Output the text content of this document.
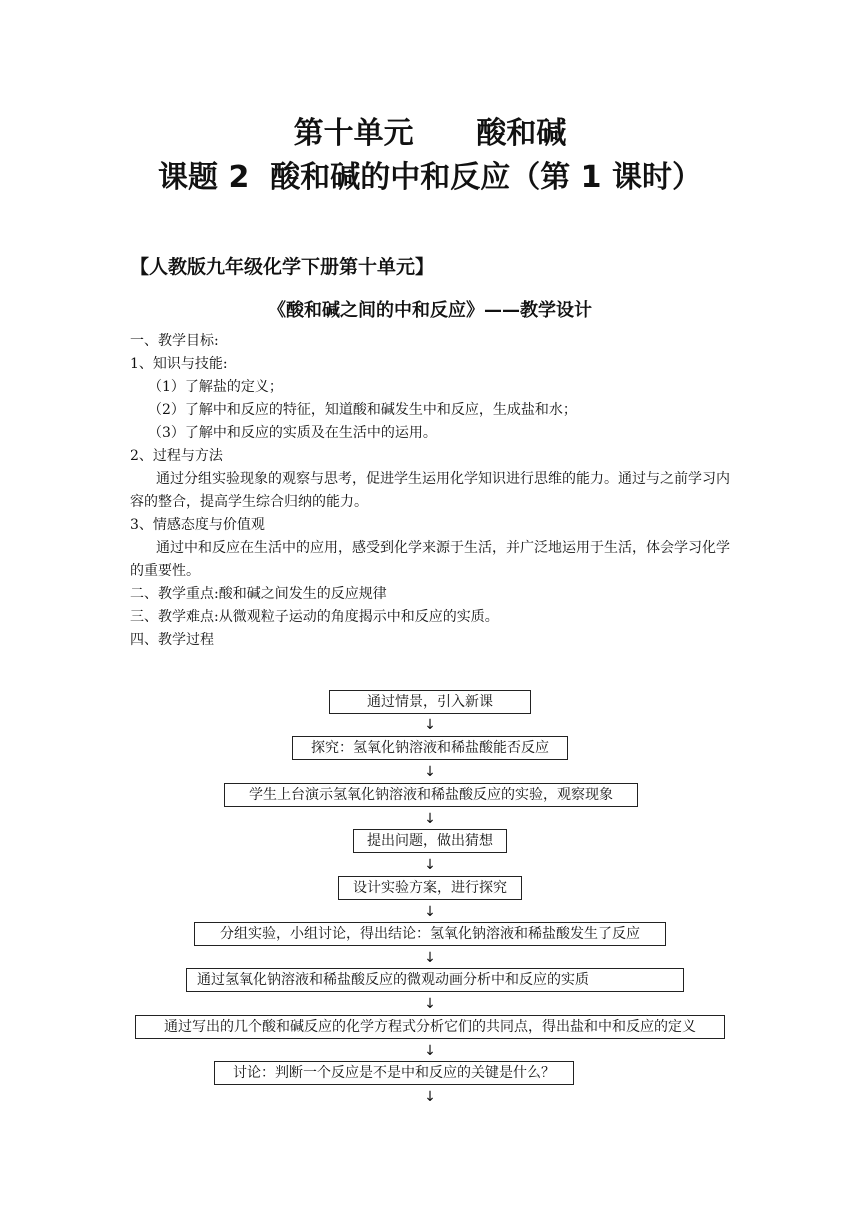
第十单元      酸和碱
课题 2  酸和碱的中和反应（第 1 课时）
【人教版九年级化学下册第十单元】
《酸和碱之间的中和反应》——教学设计

一、教学目标:

1、知识与技能:

（1）了解盐的定义；

（2）了解中和反应的特征，知道酸和碱发生中和反应，生成盐和水；

（3）了解中和反应的实质及在生活中的运用。

2、过程与方法

通过分组实验现象的观察与思考，促进学生运用化学知识进行思维的能力。通过与之前学习内容的整合，提高学生综合归纳的能力。

3、情感态度与价值观

通过中和反应在生活中的应用，感受到化学来源于生活，并广泛地运用于生活，体会学习化学的重要性。

二、教学重点:酸和碱之间发生的反应规律

三、教学难点:从微观粒子运动的角度揭示中和反应的实质。

四、教学过程

通过情景，引入新课
↓
探究：氢氧化钠溶液和稀盐酸能否反应
↓
学生上台演示氢氧化钠溶液和稀盐酸反应的实验，观察现象
↓
提出问题，做出猜想
↓
设计实验方案，进行探究
↓
分组实验，小组讨论，得出结论：氢氧化钠溶液和稀盐酸发生了反应
↓
通过氢氧化钠溶液和稀盐酸反应的微观动画分析中和反应的实质
↓
通过写出的几个酸和碱反应的化学方程式分析它们的共同点，得出盐和中和反应的定义
↓
讨论：判断一个反应是不是中和反应的关键是什么？
↓
